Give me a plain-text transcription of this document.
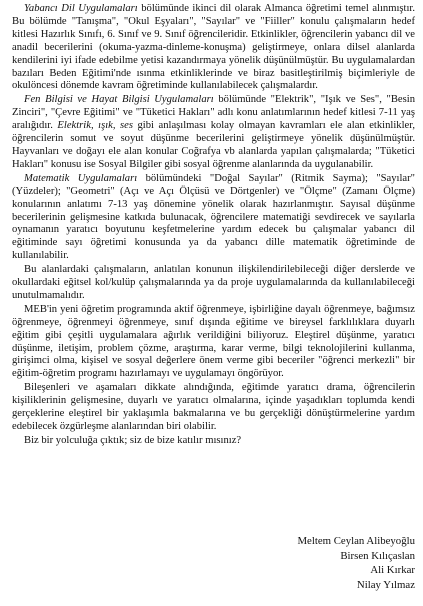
Yabancı Dil Uygulamaları bölümünde ikinci dil olarak Almanca öğretimi temel alınmıştır. Bu bölümde "Tanışma", "Okul Eşyaları", "Sayılar" ve "Fiiller" konulu çalışmaların hedef kitlesi Hazırlık Sınıfı, 6. Sınıf ve 9. Sınıf öğrencileridir. Etkinlikler, öğrencilerin yabancı dil ve anadil becerilerini (okuma-yazma-dinleme-konuşma) geliştirmeye, onlara dilsel alanlarda kendilerini iyi ifade edebilme yetisi kazandırmaya yönelik düşünülmüştür. Bu uygulamalardan bazıları Beden Eğitimi'nde ısınma etkinliklerinde ve biraz basitleştirilmiş biçimleriyle de okulöncesi dönemde kavram öğretiminde kullanılabilecek çalışmalardır.

Fen Bilgisi ve Hayat Bilgisi Uygulamaları bölümünde "Elektrik", "Işık ve Ses", "Besin Zinciri", "Çevre Eğitimi" ve "Tüketici Hakları" adlı konu anlatımlarının hedef kitlesi 7-11 yaş aralığıdır. Elektrik, ışık, ses gibi anlaşılması kolay olmayan kavramları ele alan etkinlikler, öğrencilerin somut ve soyut düşünme becerilerini geliştirmeye yönelik düşünülmüştür. Hayvanları ve doğayı ele alan konular Coğrafya vb alanlarda yapılan çalışmalarda; "Tüketici Hakları" konusu ise Sosyal Bilgiler gibi sosyal öğrenme alanlarında da uygulanabilir.

Matematik Uygulamaları bölümündeki "Doğal Sayılar" (Ritmik Sayma); "Sayılar" (Yüzdeler); "Geometri" (Açı ve Açı Ölçüsü ve Dörtgenler) ve "Ölçme" (Zamanı Ölçme) konularının anlatımı 7-13 yaş dönemine yönelik olarak hazırlanmıştır. Sayısal düşünme becerilerinin gelişmesine katkıda bulunacak, öğrencilere matematiği sevdirecek ve sayılarla oynamanın yaratıcı boyutunu keşfetmelerine yardım edecek bu çalışmalar yabancı dil eğitiminde sayı öğretimi konusunda ya da yabancı dille matematik öğretiminde de kullanılabilir.

Bu alanlardaki çalışmaların, anlatılan konunun ilişkilendirilebileceği diğer derslerde ve okullardaki eğitsel kol/kulüp çalışmalarında ya da proje uygulamalarında da kullanılabileceği unutulmamalıdır.

MEB'in yeni öğretim programında aktif öğrenmeye, işbirliğine dayalı öğrenmeye, bağımsız öğrenmeye, öğrenmeyi öğrenmeye, sınıf dışında eğitime ve bireysel farklılıklara duyarlı eğitim gibi çeşitli uygulamalara ağırlık verildiğini biliyoruz. Eleştirel düşünme, yaratıcı düşünme, iletişim, problem çözme, araştırma, karar verme, bilgi teknolojilerini kullanma, girişimci olma, kişisel ve sosyal değerlere önem verme gibi beceriler "öğrenci merkezli" bir eğitim-öğretim programı hazırlamayı ve uygulamayı öngörüyor.

Bileşenleri ve aşamaları dikkate alındığında, eğitimde yaratıcı drama, öğrencilerin kişiliklerinin gelişmesine, duyarlı ve yaratıcı olmalarına, içinde yaşadıkları toplumda kendi gerçeklerine eleştirel bir yaklaşımla bakmalarına ve bu gerçekliği dönüştürmelerine yardım edebilecek özgürleşme alanlarından biri olabilir.

Biz bir yolculuğa çıktık; siz de bize katılır mısınız?

Meltem Ceylan Alibeyoğlu
Birsen Kılıçaslan
Ali Kırkar
Nilay Yılmaz
